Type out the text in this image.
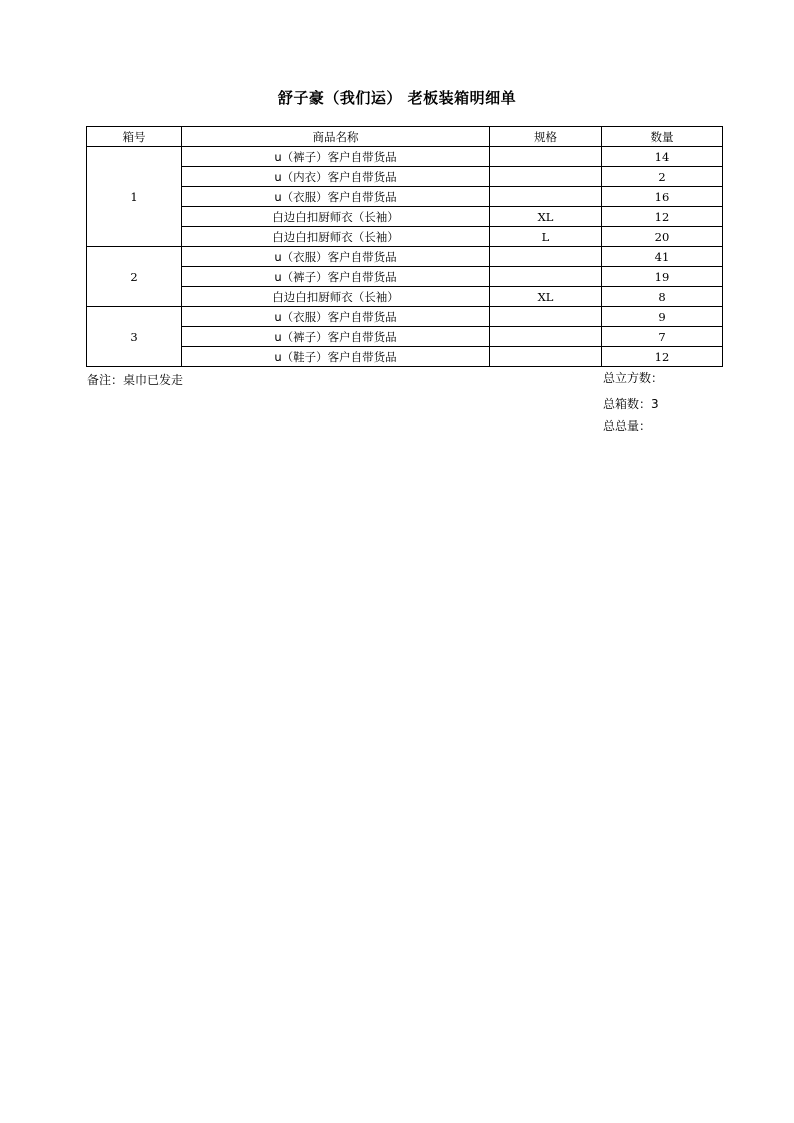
舒子豪（我们运） 老板装箱明细单
箱号	商品名称	规格	数量
1	u（裤子）客户自带货品		14
	u（内衣）客户自带货品		2
	u（衣服）客户自带货品		16
	白边白扣厨师衣（长袖）	XL	12
	白边白扣厨师衣（长袖）	L	20
2	u（衣服）客户自带货品		41
	u（裤子）客户自带货品		19
	白边白扣厨师衣（长袖）	XL	8
3	u（衣服）客户自带货品		9
	u（裤子）客户自带货品		7
	u（鞋子）客户自带货品		12
备注：桌巾已发走	总立方数：
总箱数：3
总总量：
